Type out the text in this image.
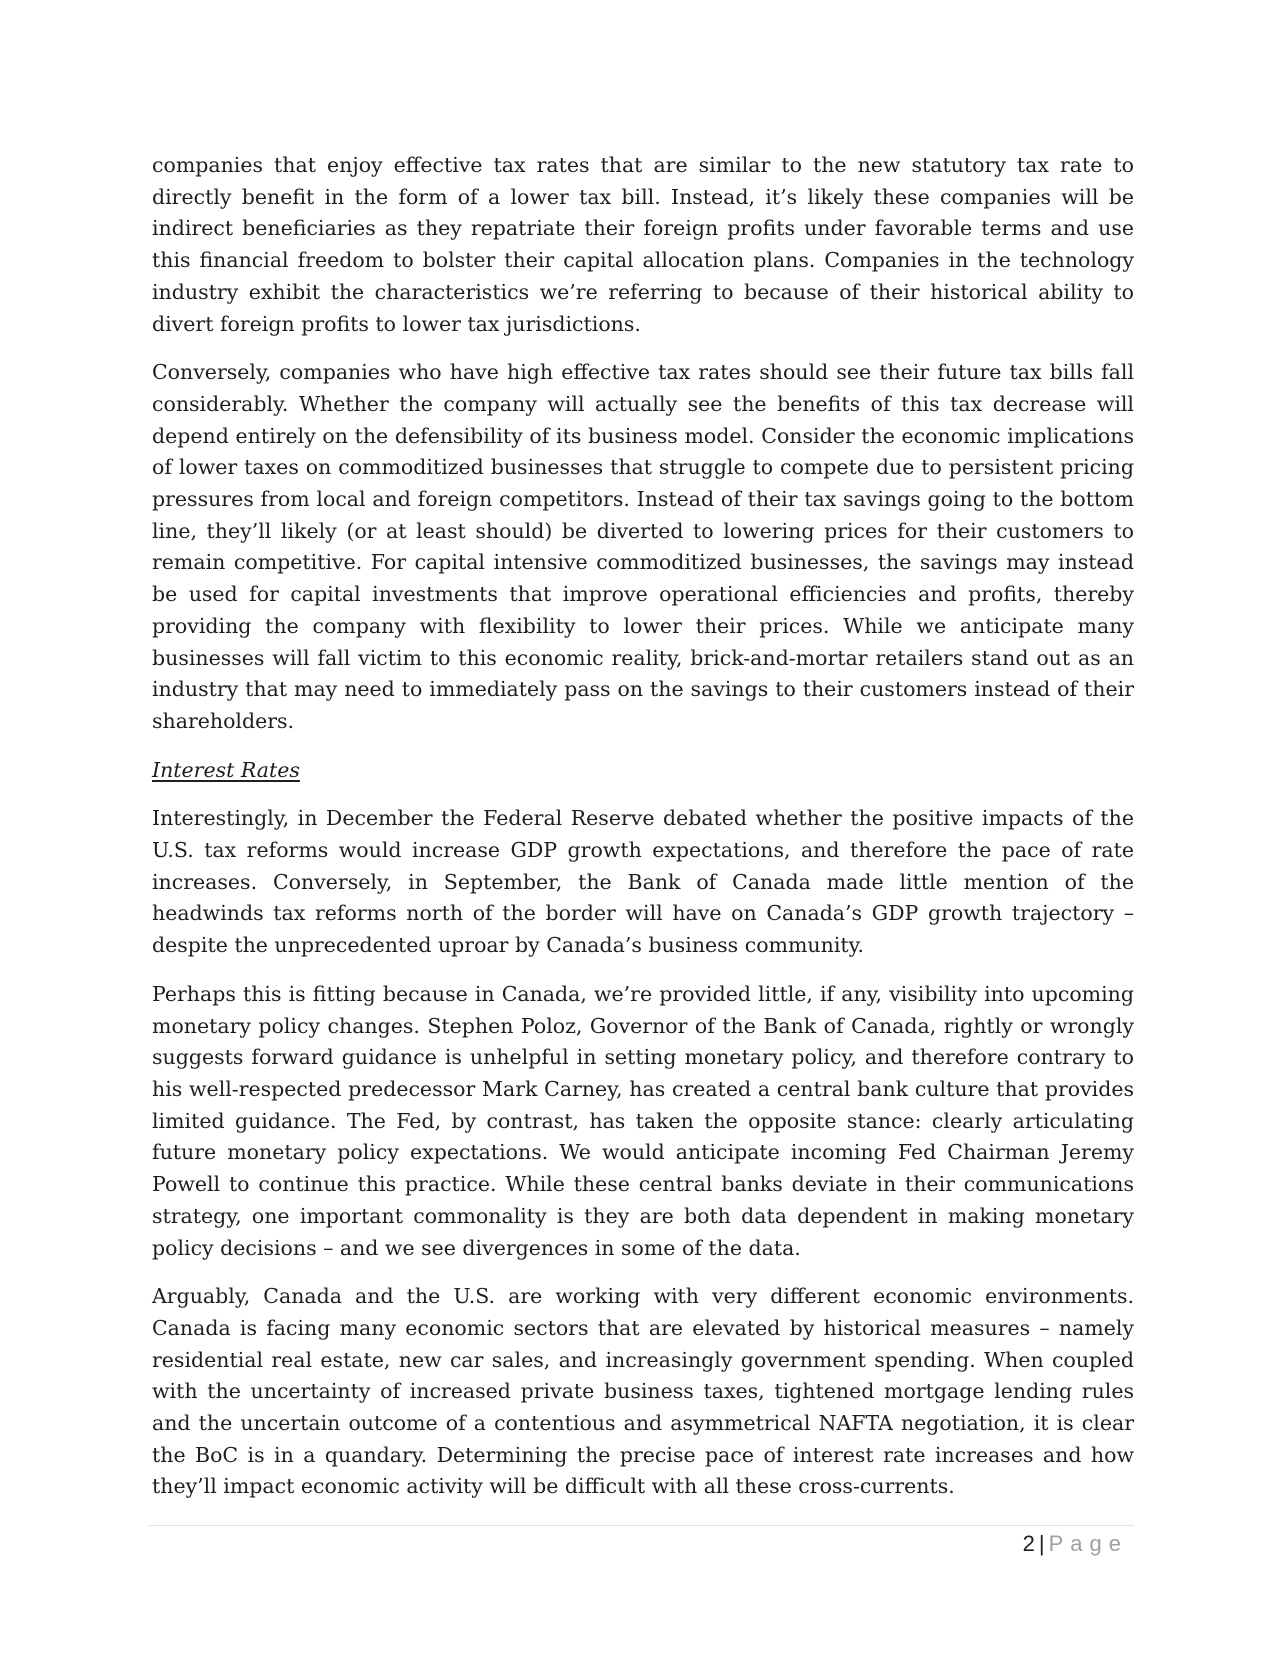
companies that enjoy effective tax rates that are similar to the new statutory tax rate to directly benefit in the form of a lower tax bill. Instead, it’s likely these companies will be indirect beneficiaries as they repatriate their foreign profits under favorable terms and use this financial freedom to bolster their capital allocation plans. Companies in the technology industry exhibit the characteristics we’re referring to because of their historical ability to divert foreign profits to lower tax jurisdictions.

Conversely, companies who have high effective tax rates should see their future tax bills fall considerably. Whether the company will actually see the benefits of this tax decrease will depend entirely on the defensibility of its business model. Consider the economic implications of lower taxes on commoditized businesses that struggle to compete due to persistent pricing pressures from local and foreign competitors. Instead of their tax savings going to the bottom line, they’ll likely (or at least should) be diverted to lowering prices for their customers to remain competitive. For capital intensive commoditized businesses, the savings may instead be used for capital investments that improve operational efficiencies and profits, thereby providing the company with flexibility to lower their prices. While we anticipate many businesses will fall victim to this economic reality, brick-and-mortar retailers stand out as an industry that may need to immediately pass on the savings to their customers instead of their shareholders.

Interest Rates

Interestingly, in December the Federal Reserve debated whether the positive impacts of the U.S. tax reforms would increase GDP growth expectations, and therefore the pace of rate increases. Conversely, in September, the Bank of Canada made little mention of the headwinds tax reforms north of the border will have on Canada’s GDP growth trajectory – despite the unprecedented uproar by Canada’s business community.

Perhaps this is fitting because in Canada, we’re provided little, if any, visibility into upcoming monetary policy changes. Stephen Poloz, Governor of the Bank of Canada, rightly or wrongly suggests forward guidance is unhelpful in setting monetary policy, and therefore contrary to his well-respected predecessor Mark Carney, has created a central bank culture that provides limited guidance. The Fed, by contrast, has taken the opposite stance: clearly articulating future monetary policy expectations. We would anticipate incoming Fed Chairman Jeremy Powell to continue this practice. While these central banks deviate in their communications strategy, one important commonality is they are both data dependent in making monetary policy decisions – and we see divergences in some of the data.

Arguably, Canada and the U.S. are working with very different economic environments. Canada is facing many economic sectors that are elevated by historical measures – namely residential real estate, new car sales, and increasingly government spending. When coupled with the uncertainty of increased private business taxes, tightened mortgage lending rules and the uncertain outcome of a contentious and asymmetrical NAFTA negotiation, it is clear the BoC is in a quandary. Determining the precise pace of interest rate increases and how they’ll impact economic activity will be difficult with all these cross-currents.

2 | Page
